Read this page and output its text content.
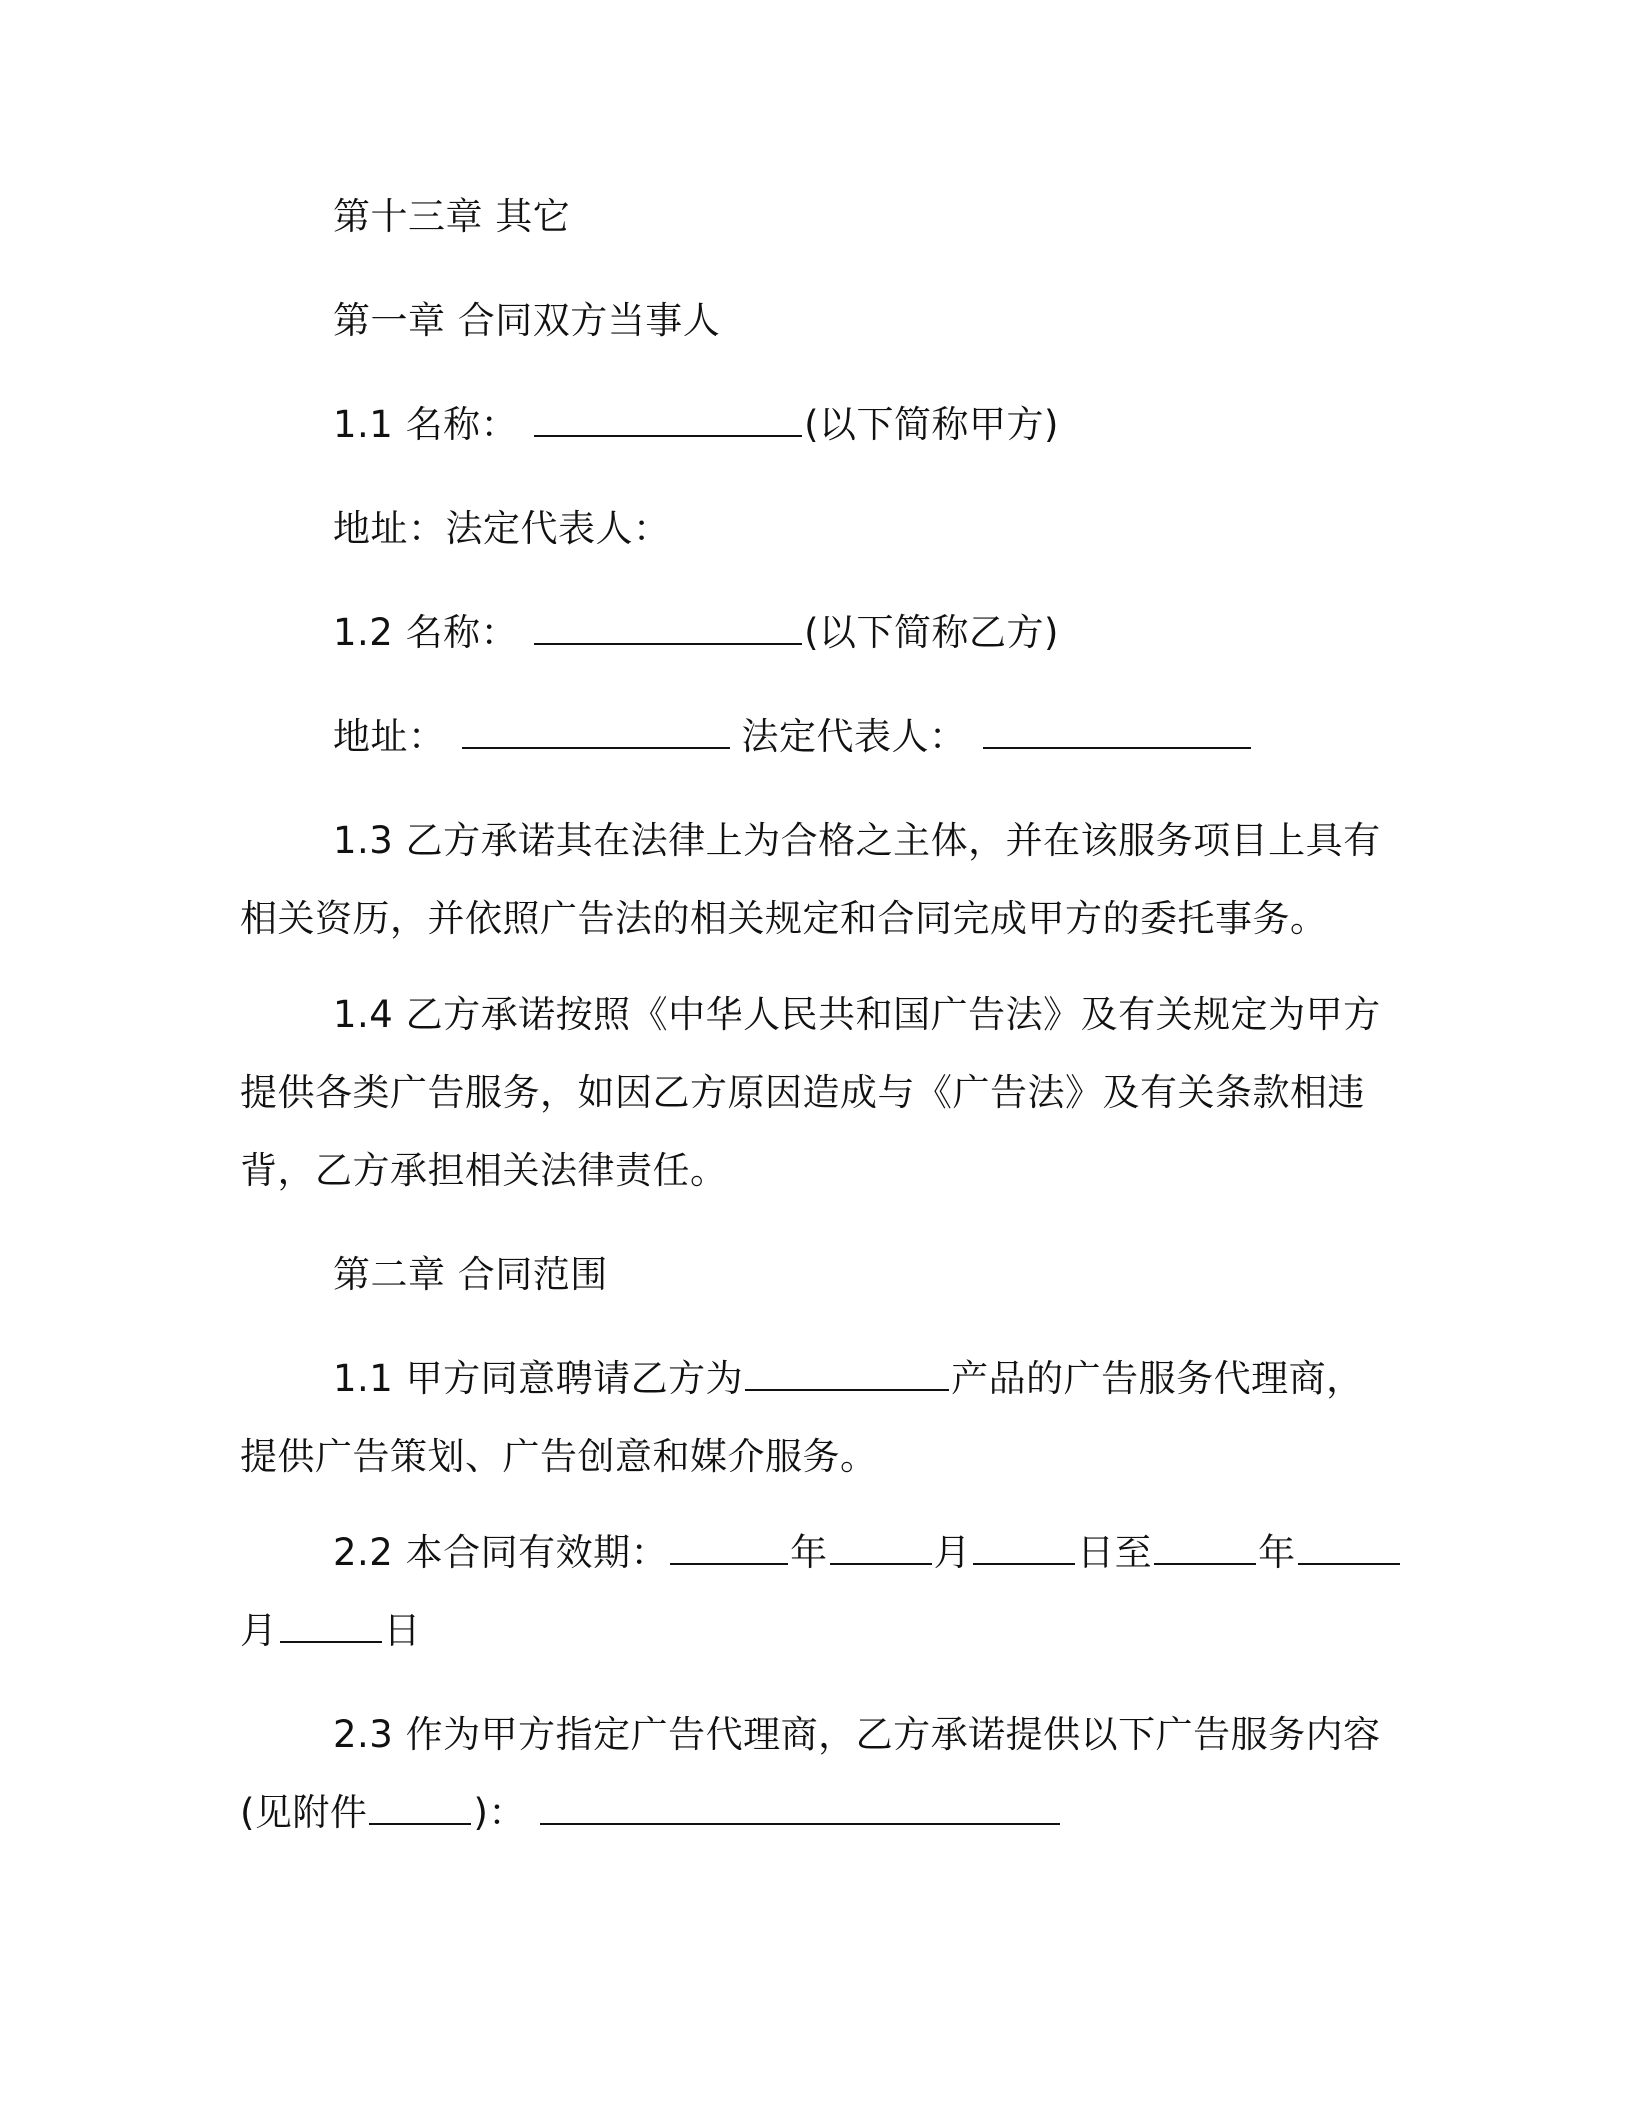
第十三章 其它
第一章 合同双方当事人
1.1 名称：	(以下简称甲方)
地址：法定代表人：
1.2 名称：	(以下简称乙方)
地址：	法定代表人：
1.3 乙方承诺其在法律上为合格之主体，并在该服务项目上具有
相关资历，并依照广告法的相关规定和合同完成甲方的委托事务。
1.4 乙方承诺按照《中华人民共和国广告法》及有关规定为甲方
提供各类广告服务，如因乙方原因造成与《广告法》及有关条款相违
背，乙方承担相关法律责任。
第二章 合同范围
1.1 甲方同意聘请乙方为	产品的广告服务代理商，
提供广告策划、广告创意和媒介服务。
2.2 本合同有效期：	年	月	日至	年
月	日
2.3 作为甲方指定广告代理商，乙方承诺提供以下广告服务内容
(见附件	)：
